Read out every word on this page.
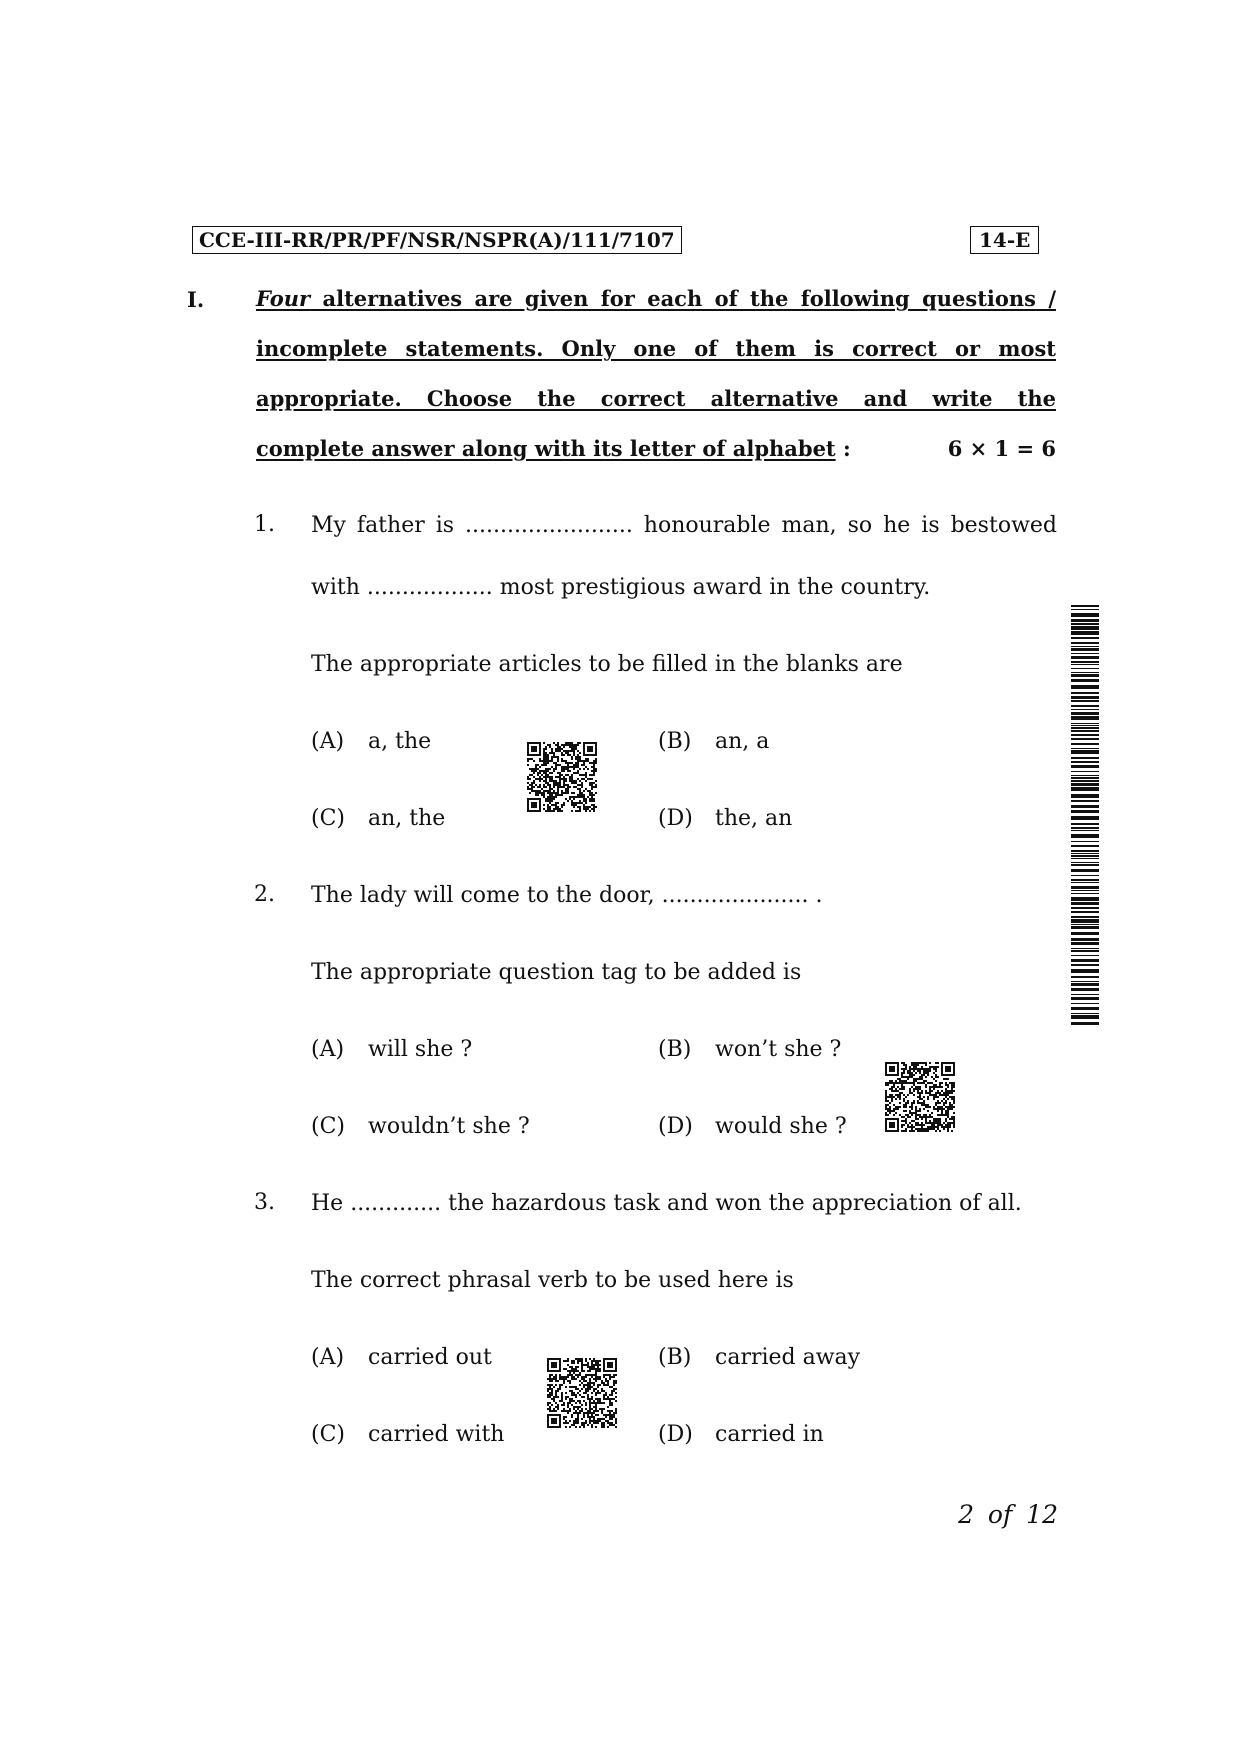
CCE-III-RR/PR/PF/NSR/NSPR(A)/111/7107	14-E
I. Four alternatives are given for each of the following questions /
incomplete statements. Only one of them is correct or most
appropriate. Choose the correct alternative and write the
complete answer along with its letter of alphabet :	6 × 1 = 6
1. My father is ........................ honourable man, so he is bestowed
with .................. most prestigious award in the country.
The appropriate articles to be filled in the blanks are
(A) a, the	(B) an, a
(C) an, the	(D) the, an
2. The lady will come to the door, ..................... .
The appropriate question tag to be added is
(A) will she ?	(B) won’t she ?
(C) wouldn’t she ?	(D) would she ?
3. He ............. the hazardous task and won the appreciation of all.
The correct phrasal verb to be used here is
(A) carried out	(B) carried away
(C) carried with	(D) carried in
2 of 12
